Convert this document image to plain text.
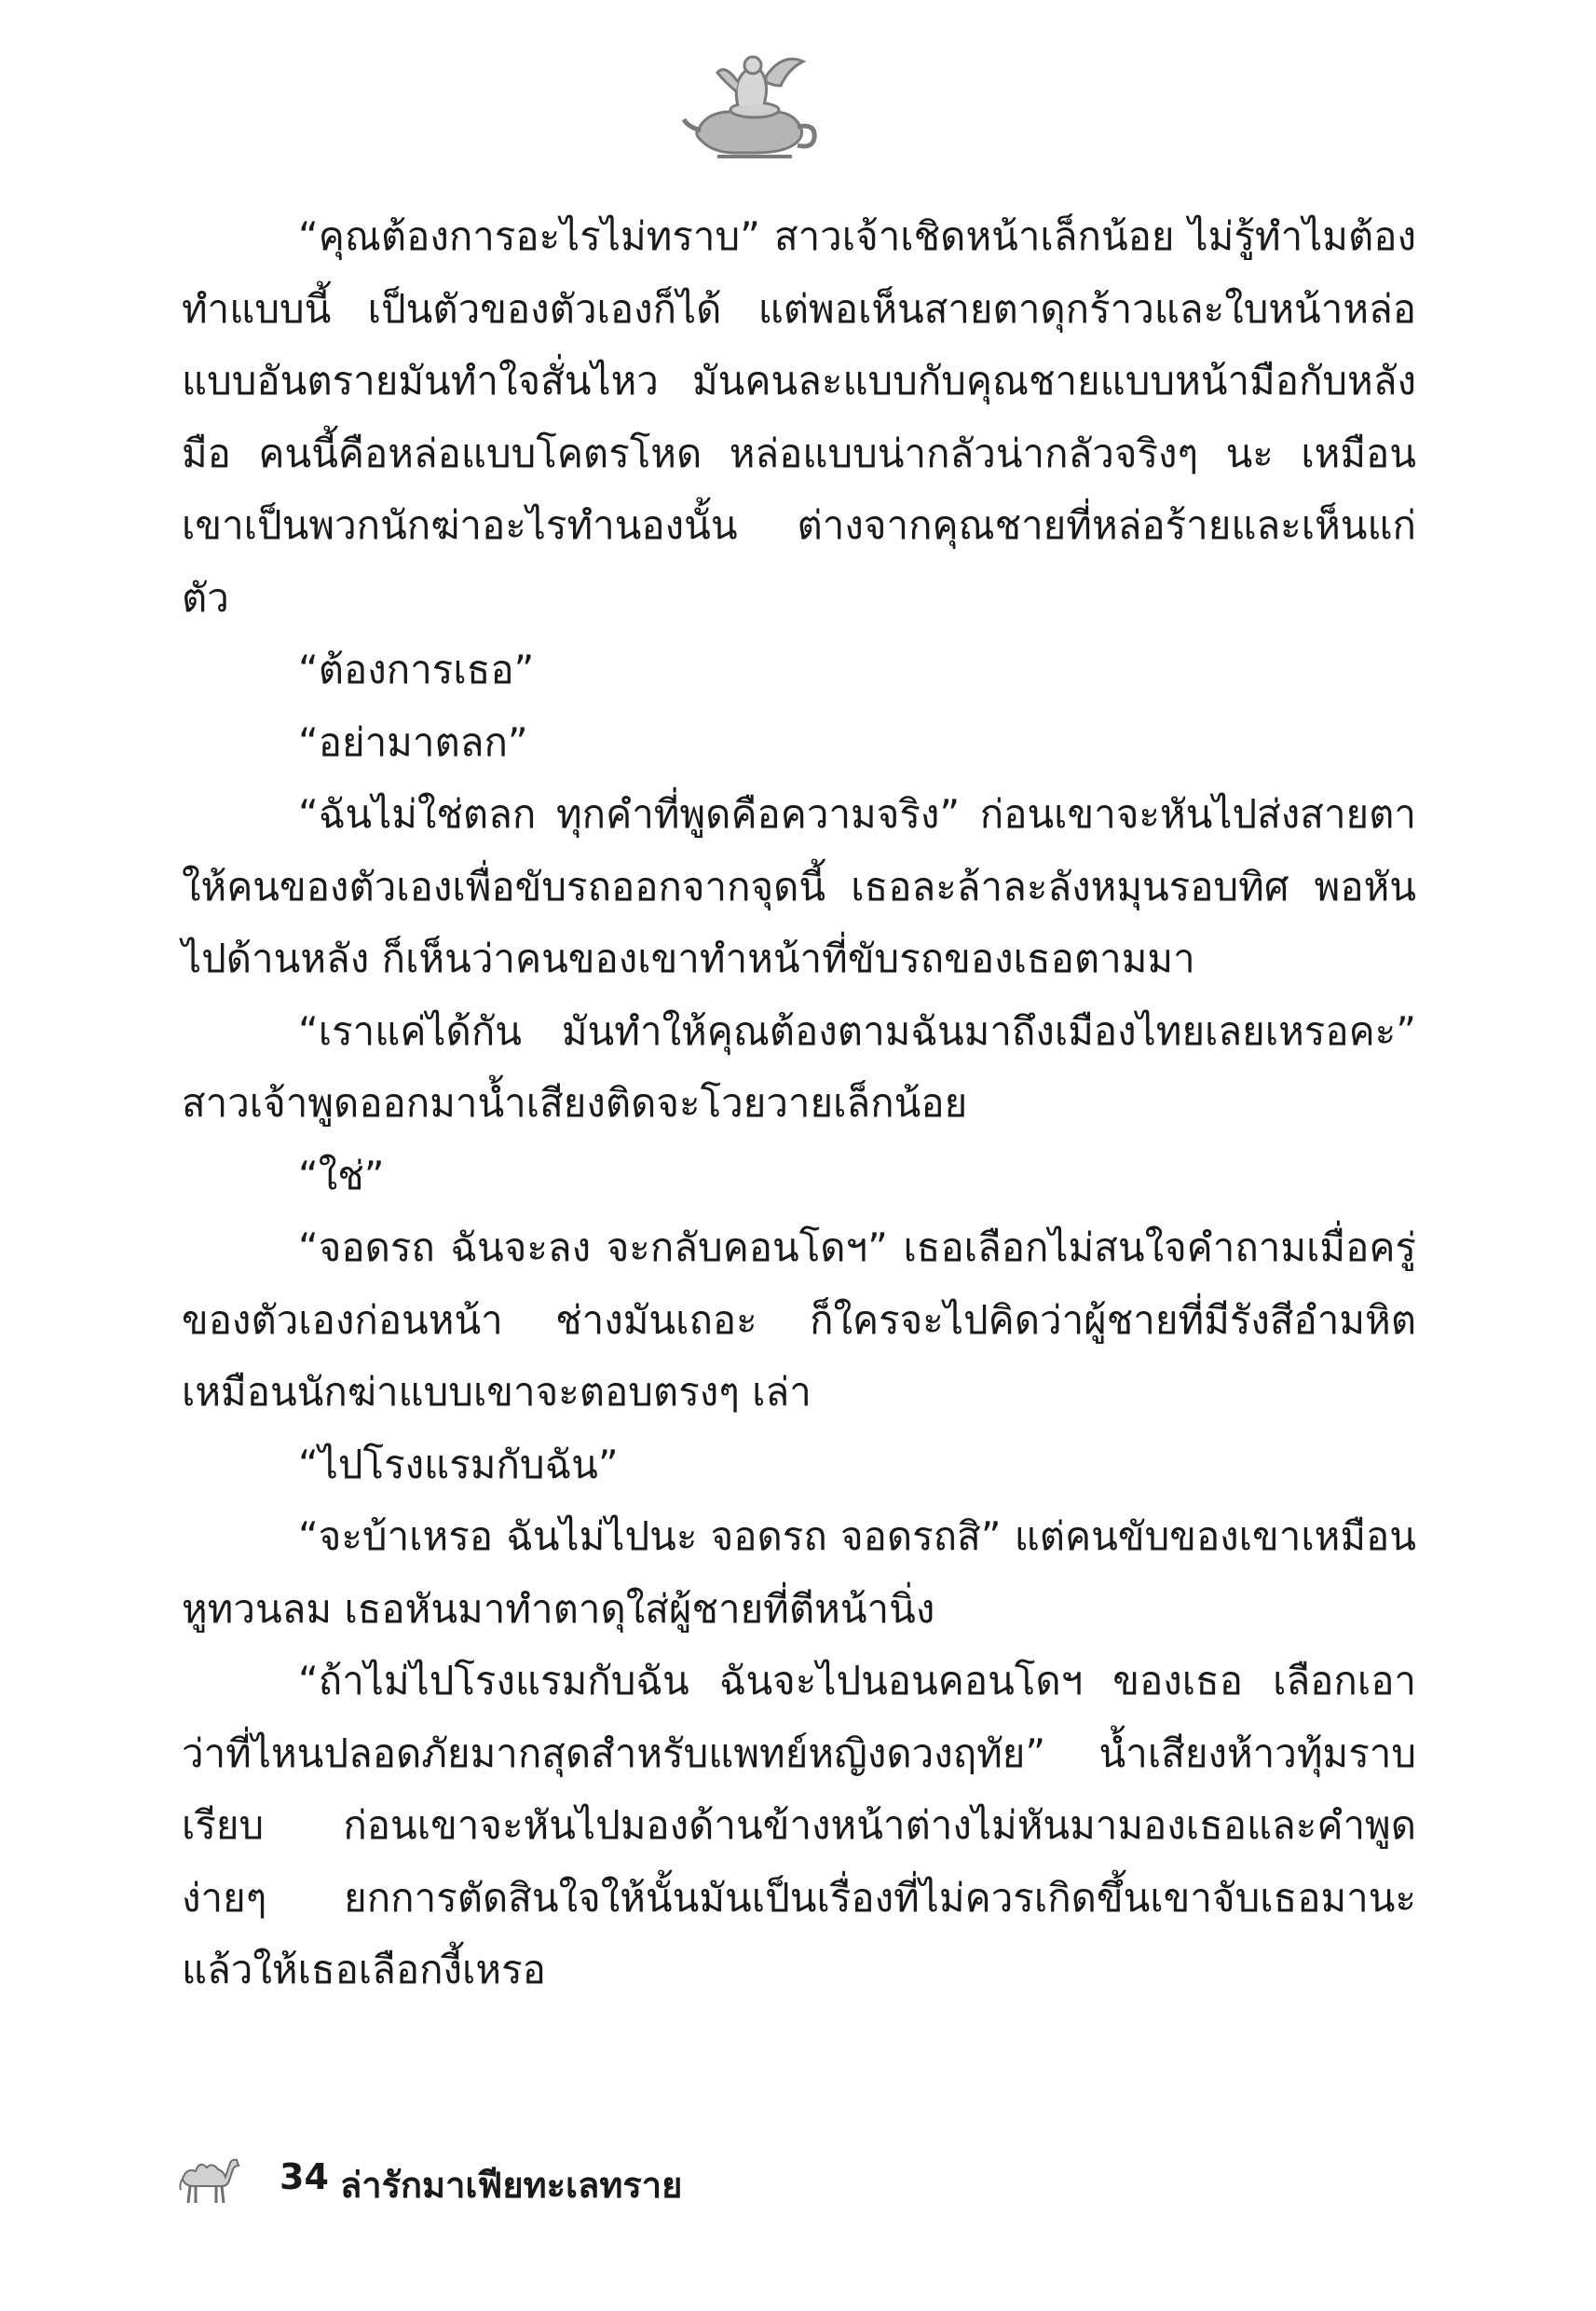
“คุณต้องการอะไรไม่ทราบ” สาวเจ้าเชิดหน้าเล็กน้อย ไม่รู้ทำไมต้องทำแบบนี้ เป็นตัวของตัวเองก็ได้ แต่พอเห็นสายตาดุกร้าวและใบหน้าหล่อแบบอันตรายมันทำใจสั่นไหว มันคนละแบบกับคุณชายแบบหน้ามือกับหลังมือ คนนี้คือหล่อแบบโคตรโหด หล่อแบบน่ากลัวน่ากลัวจริงๆ นะ เหมือนเขาเป็นพวกนักฆ่าอะไรทำนองนั้น ต่างจากคุณชายที่หล่อร้ายและเห็นแก่ตัว

“ต้องการเธอ”

“อย่ามาตลก”

“ฉันไม่ใช่ตลก ทุกคำที่พูดคือความจริง” ก่อนเขาจะหันไปส่งสายตาให้คนของตัวเองเพื่อขับรถออกจากจุดนี้ เธอละล้าละลังหมุนรอบทิศ พอหันไปด้านหลัง ก็เห็นว่าคนของเขาทำหน้าที่ขับรถของเธอตามมา

“เราแค่ได้กัน มันทำให้คุณต้องตามฉันมาถึงเมืองไทยเลยเหรอคะ” สาวเจ้าพูดออกมาน้ำเสียงติดจะโวยวายเล็กน้อย

“ใช่”

“จอดรถ ฉันจะลง จะกลับคอนโดฯ” เธอเลือกไม่สนใจคำถามเมื่อครู่ของตัวเองก่อนหน้า ช่างมันเถอะ ก็ใครจะไปคิดว่าผู้ชายที่มีรังสีอำมหิตเหมือนนักฆ่าแบบเขาจะตอบตรงๆ เล่า

“ไปโรงแรมกับฉัน”

“จะบ้าเหรอ ฉันไม่ไปนะ จอดรถ จอดรถสิ” แต่คนขับของเขาเหมือนหูทวนลม เธอหันมาทำตาดุใส่ผู้ชายที่ตีหน้านิ่ง

“ถ้าไม่ไปโรงแรมกับฉัน ฉันจะไปนอนคอนโดฯ ของเธอ เลือกเอาว่าที่ไหนปลอดภัยมากสุดสำหรับแพทย์หญิงดวงฤทัย” น้ำเสียงห้าวทุ้มราบเรียบ ก่อนเขาจะหันไปมองด้านข้างหน้าต่างไม่หันมามองเธอและคำพูดง่ายๆ ยกการตัดสินใจให้นั้นมันเป็นเรื่องที่ไม่ควรเกิดขึ้นเขาจับเธอมานะ แล้วให้เธอเลือกงี้เหรอ

34 ล่ารักมาเฟียทะเลทราย
